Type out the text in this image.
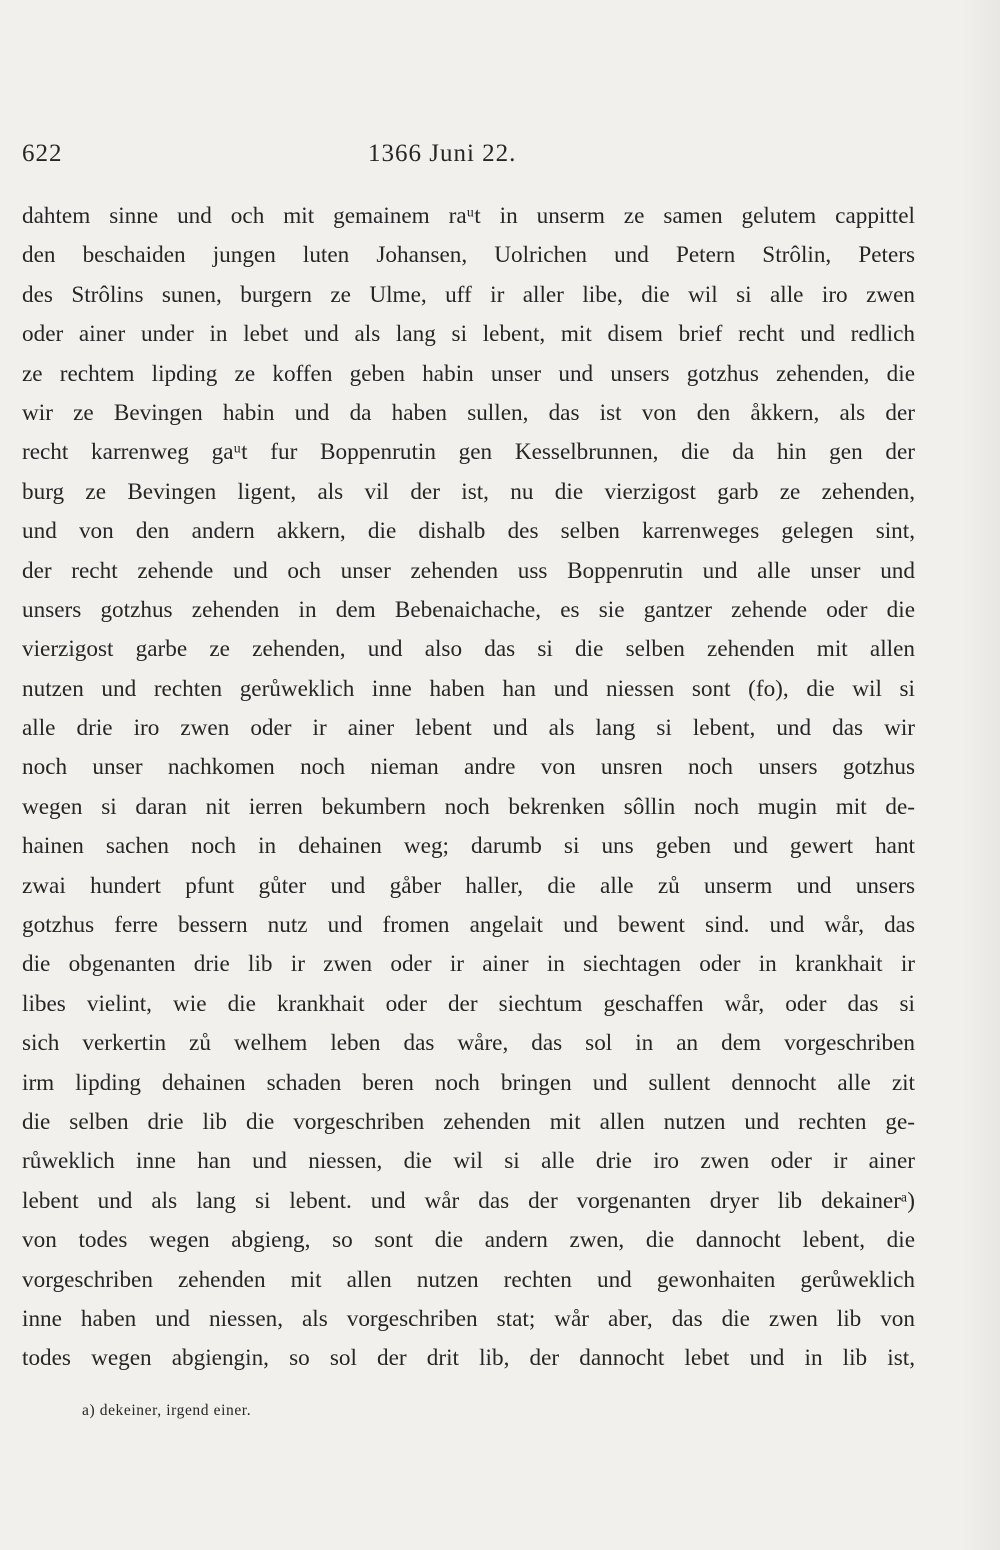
622	1366 Juni 22.
dahtem sinne und och mit gemainem raᵘt in unserm ze samen gelutem cappittel
den beschaiden jungen luten Johansen, Uolrichen und Petern Strôlin, Peters
des Strôlins sunen, burgern ze Ulme, uff ir aller libe, die wil si alle iro zwen
oder ainer under in lebet und als lang si lebent, mit disem brief recht und redlich
ze rechtem lipding ze koffen geben habin unser und unsers gotzhus zehenden, die
wir ze Bevingen habin und da haben sullen, das ist von den åkkern, als der
recht karrenweg gaᵘt fur Boppenrutin gen Kesselbrunnen, die da hin gen der
burg ze Bevingen ligent, als vil der ist, nu die vierzigost garb ze zehenden,
und von den andern akkern, die dishalb des selben karrenweges gelegen sint,
der recht zehende und och unser zehenden uss Boppenrutin und alle unser und
unsers gotzhus zehenden in dem Bebenaichache, es sie gantzer zehende oder die
vierzigost garbe ze zehenden, und also das si die selben zehenden mit allen
nutzen und rechten gerůweklich inne haben han und niessen sont (fo), die wil si
alle drie iro zwen oder ir ainer lebent und als lang si lebent, und das wir
noch unser nachkomen noch nieman andre von unsren noch unsers gotzhus
wegen si daran nit ierren bekumbern noch bekrenken sôllin noch mugin mit de-
hainen sachen noch in dehainen weg; darumb si uns geben und gewert hant
zwai hundert pfunt gůter und gåber haller, die alle zů unserm und unsers
gotzhus ferre bessern nutz und fromen angelait und bewent sind. und wår, das
die obgenanten drie lib ir zwen oder ir ainer in siechtagen oder in krankhait ir
libes vielint, wie die krankhait oder der siechtum geschaffen wår, oder das si
sich verkertin zů welhem leben das wåre, das sol in an dem vorgeschriben
irm lipding dehainen schaden beren noch bringen und sullent dennocht alle zit
die selben drie lib die vorgeschriben zehenden mit allen nutzen und rechten ge-
růweklich inne han und niessen, die wil si alle drie iro zwen oder ir ainer
lebent und als lang si lebent. und wår das der vorgenanten dryer lib dekainerᵃ)
von todes wegen abgieng, so sont die andern zwen, die dannocht lebent, die
vorgeschriben zehenden mit allen nutzen rechten und gewonhaiten gerůweklich
inne haben und niessen, als vorgeschriben stat; wår aber, das die zwen lib von
todes wegen abgiengin, so sol der drit lib, der dannocht lebet und in lib ist,
a) dekeiner, irgend einer.
